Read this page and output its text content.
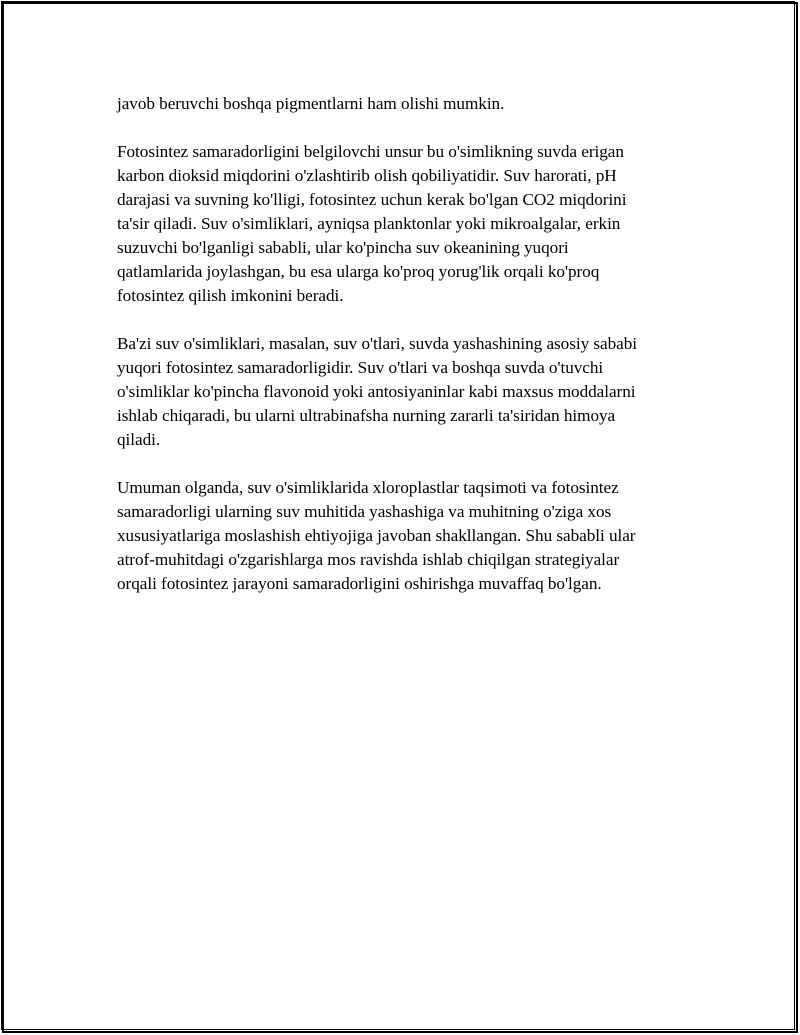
javob beruvchi boshqa pigmentlarni ham olishi mumkin.

Fotosintez samaradorligini belgilovchi unsur bu o'simlikning suvda erigan
karbon dioksid miqdorini o'zlashtirib olish qobiliyatidir. Suv harorati, pH
darajasi va suvning ko'lligi, fotosintez uchun kerak bo'lgan CO2 miqdorini
ta'sir qiladi. Suv o'simliklari, ayniqsa planktonlar yoki mikroalgalar, erkin
suzuvchi bo'lganligi sababli, ular ko'pincha suv okeanining yuqori
qatlamlarida joylashgan, bu esa ularga ko'proq yorug'lik orqali ko'proq
fotosintez qilish imkonini beradi.

Ba'zi suv o'simliklari, masalan, suv o'tlari, suvda yashashining asosiy sababi
yuqori fotosintez samaradorligidir. Suv o'tlari va boshqa suvda o'tuvchi
o'simliklar ko'pincha flavonoid yoki antosiyaninlar kabi maxsus moddalarni
ishlab chiqaradi, bu ularni ultrabinafsha nurning zararli ta'siridan himoya
qiladi.

Umuman olganda, suv o'simliklarida xloroplastlar taqsimoti va fotosintez
samaradorligi ularning suv muhitida yashashiga va muhitning o'ziga xos
xususiyatlariga moslashish ehtiyojiga javoban shakllangan. Shu sababli ular
atrof-muhitdagi o'zgarishlarga mos ravishda ishlab chiqilgan strategiyalar
orqali fotosintez jarayoni samaradorligini oshirishga muvaffaq bo'lgan.
